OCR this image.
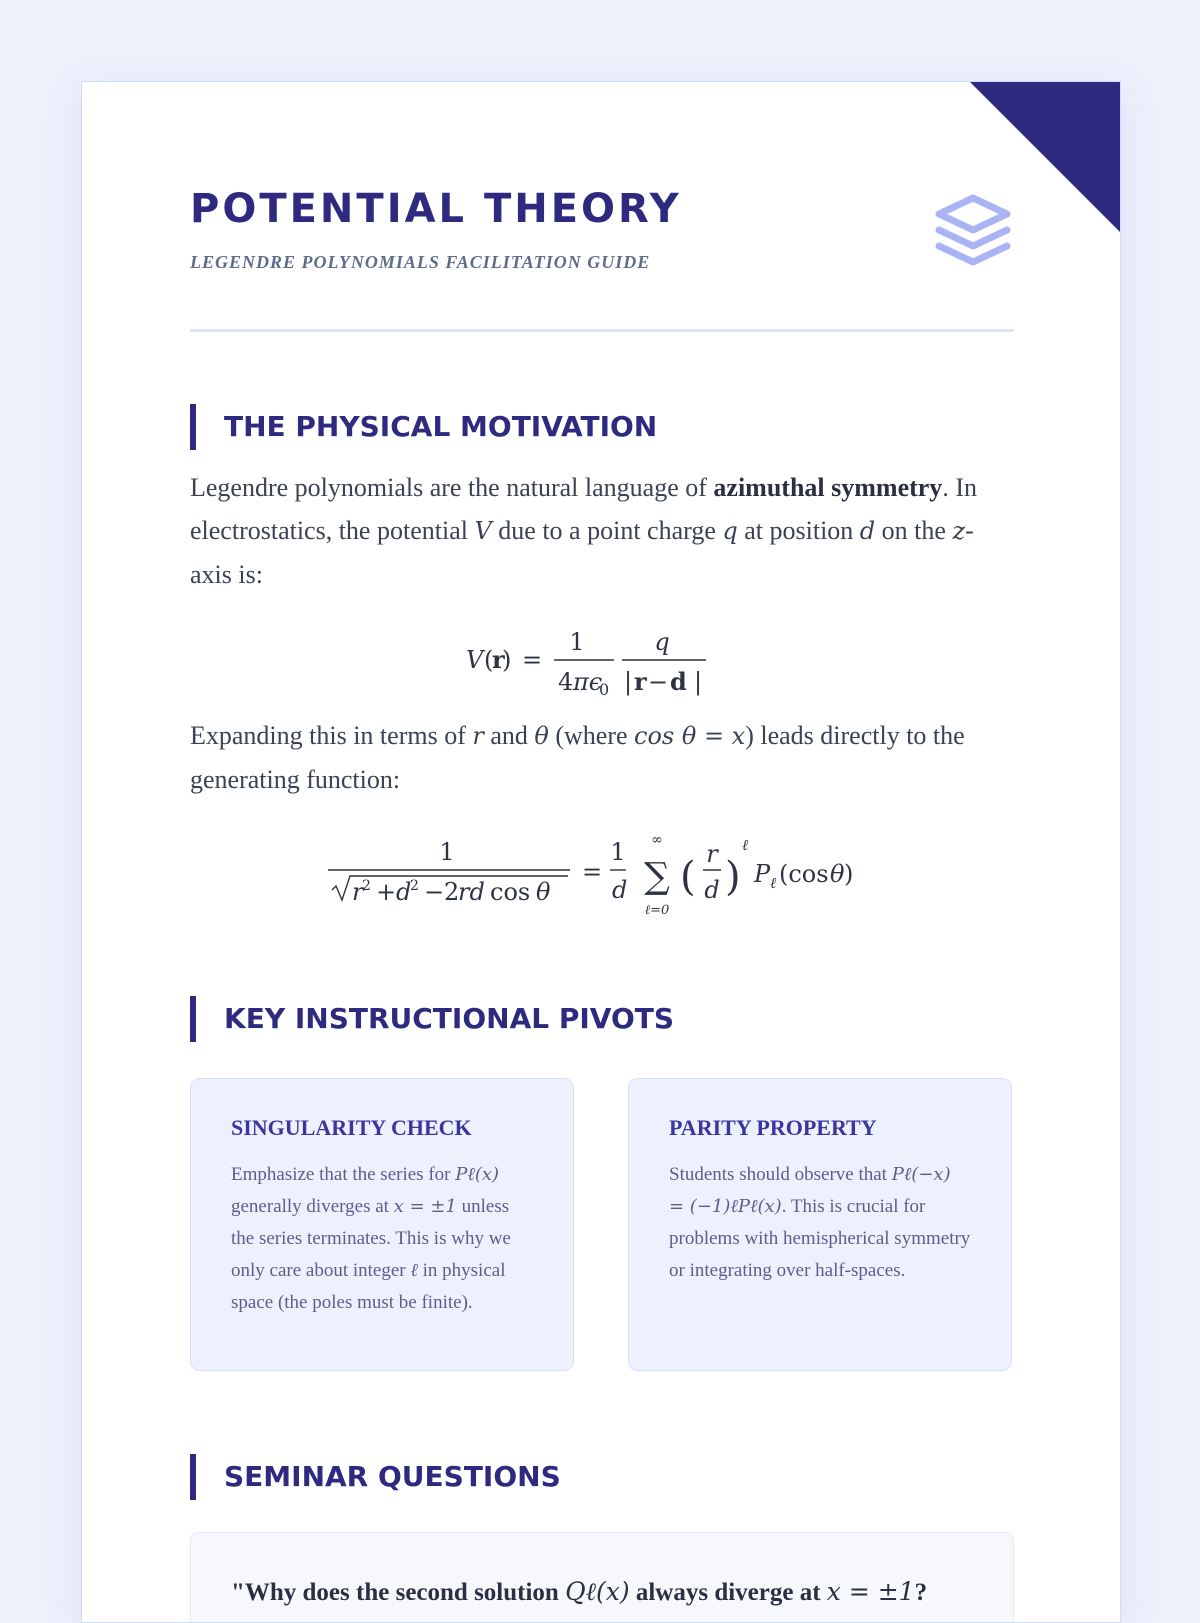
POTENTIAL THEORY

LEGENDRE POLYNOMIALS FACILITATION GUIDE

THE PHYSICAL MOTIVATION

Legendre polynomials are the natural language of azimuthal symmetry. In electrostatics, the potential V due to a point charge q at position d on the z-axis is:

V (
r
) =
1
4 πϵ
0
q
| r − d |

Expanding this in terms of r and θ (where cos θ = x) leads directly to the generating function:

1
r
2 + d
2 − 2
rd cos θ
=
1
d
∞
∑
ℓ=0
( r
d )
ℓ
P ℓ (cos θ )
KEY INSTRUCTIONAL PIVOTS
SINGULARITY CHECK

Emphasize that the series for Pℓ(x) generally diverges at x = ±1 unless the series terminates. This is why we only care about integer ℓ in physical space (the poles must be finite).

PARITY PROPERTY

Students should observe that Pℓ(−x) = (−1)ℓPℓ(x). This is crucial for problems with hemispherical symmetry or integrating over half-spaces.

SEMINAR QUESTIONS

"Why does the second solution Qℓ(x) always diverge at x = ±1?
